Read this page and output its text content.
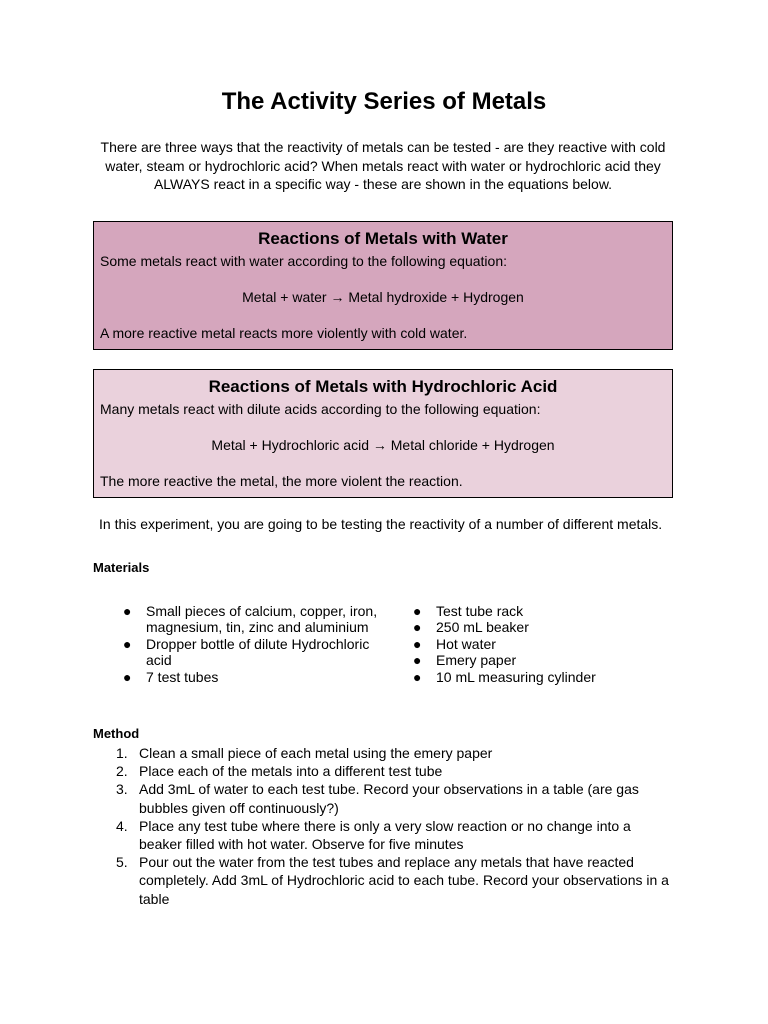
The Activity Series of Metals
There are three ways that the reactivity of metals can be tested - are they reactive with cold water, steam or hydrochloric acid? When metals react with water or hydrochloric acid they ALWAYS react in a specific way - these are shown in the equations below.
Reactions of Metals with Water
Some metals react with water according to the following equation:
Metal + water → Metal hydroxide + Hydrogen
A more reactive metal reacts more violently with cold water.
Reactions of Metals with Hydrochloric Acid
Many metals react with dilute acids according to the following equation:
Metal + Hydrochloric acid → Metal chloride + Hydrogen
The more reactive the metal, the more violent the reaction.
In this experiment, you are going to be testing the reactivity of a number of different metals.
Materials
●	Small pieces of calcium, copper, iron, magnesium, tin, zinc and aluminium
●	Dropper bottle of dilute Hydrochloric acid
●	7 test tubes
●	Test tube rack
●	250 mL beaker
●	Hot water
●	Emery paper
●	10 mL measuring cylinder
Method
1. Clean a small piece of each metal using the emery paper
2. Place each of the metals into a different test tube
3. Add 3mL of water to each test tube. Record your observations in a table (are gas bubbles given off continuously?)
4. Place any test tube where there is only a very slow reaction or no change into a beaker filled with hot water. Observe for five minutes
5. Pour out the water from the test tubes and replace any metals that have reacted completely. Add 3mL of Hydrochloric acid to each tube. Record your observations in a table
